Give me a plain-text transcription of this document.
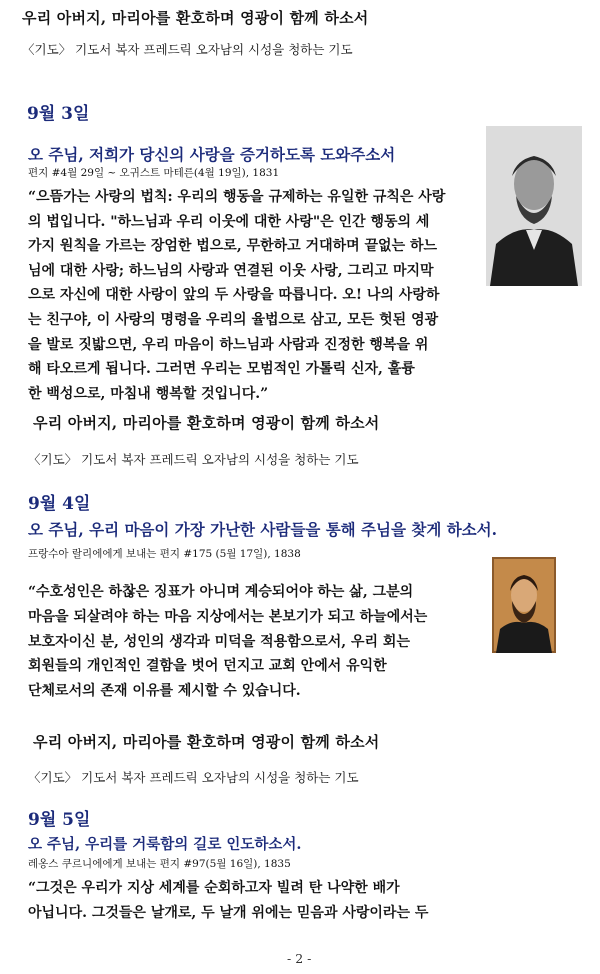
우리 아버지, 마리아를 환호하며 영광이 함께 하소서
〈기도〉 기도서 복자 프레드릭 오자남의 시성을 청하는 기도
9월 3일
오 주님, 저희가 당신의 사랑을 증거하도록 도와주소서
편지 #4월 29일 ~ 오귀스트 마테른(4월 19일), 1831
“으뜸가는 사랑의 법칙: 우리의 행동을 규제하는 유일한 규칙은 사랑
의 법입니다. "하느님과 우리 이웃에 대한 사랑"은 인간 행동의 세
가지 원칙을 가르는 장엄한 법으로, 무한하고 거대하며 끝없는 하느
님에 대한 사랑; 하느님의 사랑과 연결된 이웃 사랑, 그리고 마지막
으로 자신에 대한 사랑이 앞의 두 사랑을 따릅니다. 오! 나의 사랑하
는 친구야, 이 사랑의 명령을 우리의 율법으로 삼고, 모든 헛된 영광
을 발로 짓밟으면, 우리 마음이 하느님과 사람과 진정한 행복을 위
해 타오르게 됩니다. 그러면 우리는 모범적인 가톨릭 신자, 훌륭
한 백성으로, 마침내 행복할 것입니다.”
우리 아버지, 마리아를 환호하며 영광이 함께 하소서
〈기도〉 기도서 복자 프레드릭 오자남의 시성을 청하는 기도
9월 4일
오 주님, 우리 마음이 가장 가난한 사람들을 통해 주님을 찾게 하소서.
프랑수아 랄리에에게 보내는 편지 #175 (5월 17일), 1838
“수호성인은 하찮은 징표가 아니며 계승되어야 하는 삶, 그분의
마음을 되살려야 하는 마음 지상에서는 본보기가 되고 하늘에서는
보호자이신 분, 성인의 생각과 미덕을 적용함으로서, 우리 회는
회원들의 개인적인 결함을 벗어 던지고 교회 안에서 유익한
단체로서의 존재 이유를 제시할 수 있습니다.
우리 아버지, 마리아를 환호하며 영광이 함께 하소서
〈기도〉 기도서 복자 프레드릭 오자남의 시성을 청하는 기도
9월 5일
오 주님, 우리를 거룩함의 길로 인도하소서.
레옹스 쿠르니에에게 보내는 편지 #97(5월 16일), 1835
“그것은 우리가 지상 세계를 순회하고자 빌려 탄 나약한 배가
아닙니다. 그것들은 날개로, 두 날개 위에는 믿음과 사랑이라는 두
- 2 -
